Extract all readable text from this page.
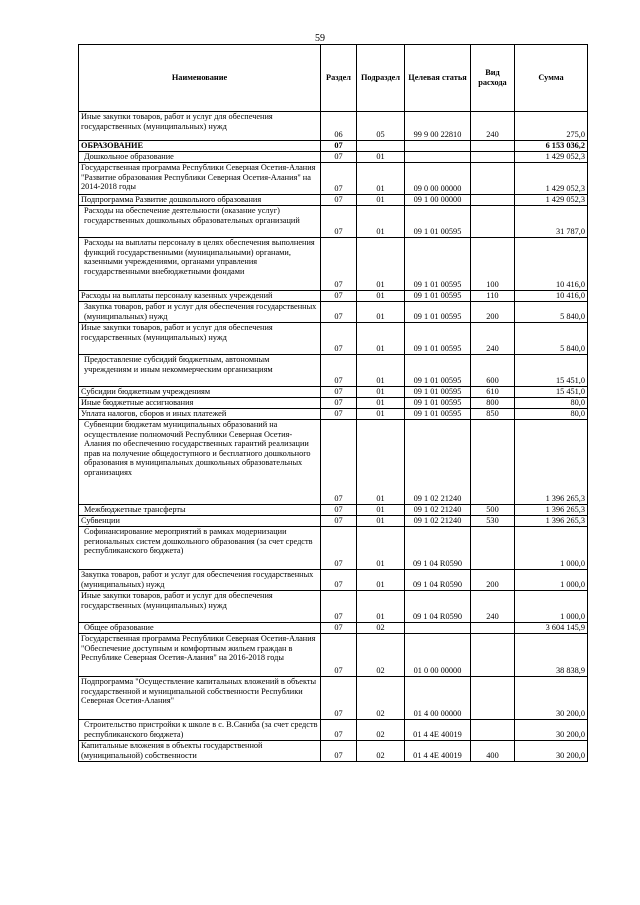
59
Наименование	Раздел	Подраздел	Целевая статья	Вид расхода	Сумма
Иные закупки товаров, работ и услуг для обеспечения государственных (муниципальных) нужд	06	05	99 9 00 22810	240	275,0
ОБРАЗОВАНИЕ	07				6 153 036,2
Дошкольное образование	07	01			1 429 052,3
Государственная программа Республики Северная Осетия-Алания "Развитие образования Республики Северная Осетия-Алания" на 2014-2018 годы	07	01	09 0 00 00000		1 429 052,3
Подпрограмма Развитие дошкольного образования	07	01	09 1 00 00000		1 429 052,3
Расходы на обеспечение деятельности (оказание услуг) государственных дошкольных образовательных организаций	07	01	09 1 01 00595		31 787,0
Расходы на выплаты персоналу в целях обеспечения выполнения функций государственными (муниципальными) органами, казенными учреждениями, органами управления государственными внебюджетными фондами	07	01	09 1 01 00595	100	10 416,0
Расходы на выплаты персоналу казенных учреждений	07	01	09 1 01 00595	110	10 416,0
Закупка товаров, работ и услуг для обеспечения государственных (муниципальных) нужд	07	01	09 1 01 00595	200	5 840,0
Иные закупки товаров, работ и услуг для обеспечения государственных (муниципальных) нужд	07	01	09 1 01 00595	240	5 840,0
Предоставление субсидий бюджетным, автономным учреждениям и иным некоммерческим организациям	07	01	09 1 01 00595	600	15 451,0
Субсидии бюджетным учреждениям	07	01	09 1 01 00595	610	15 451,0
Иные бюджетные ассигнования	07	01	09 1 01 00595	800	80,0
Уплата налогов, сборов и иных платежей	07	01	09 1 01 00595	850	80,0
Субвенции бюджетам муниципальных образований на осуществление полномочий Республики Северная Осетия-Алания по обеспечению государственных гарантий реализации прав на получение общедоступного и бесплатного дошкольного образования в муниципальных дошкольных образовательных организациях	07	01	09 1 02 21240		1 396 265,3
Межбюджетные трансферты	07	01	09 1 02 21240	500	1 396 265,3
Субвенции	07	01	09 1 02 21240	530	1 396 265,3
Софинансирование мероприятий в рамках модернизации региональных систем дошкольного образования (за счет средств республиканского бюджета)	07	01	09 1 04 R0590		1 000,0
Закупка товаров, работ и услуг для обеспечения государственных (муниципальных) нужд	07	01	09 1 04 R0590	200	1 000,0
Иные закупки товаров, работ и услуг для обеспечения государственных (муниципальных) нужд	07	01	09 1 04 R0590	240	1 000,0
Общее образование	07	02			3 604 145,9
Государственная программа Республики Северная Осетия-Алания "Обеспечение доступным и комфортным жильем граждан в Республике Северная Осетия-Алания" на 2016-2018 годы	07	02	01 0 00 00000		38 838,9
Подпрограмма "Осуществление капитальных вложений в объекты государственной и муниципальной собственности Республики Северная Осетия-Алания"	07	02	01 4 00 00000		30 200,0
Строительство пристройки к школе в с. В.Саниба (за счет средств республиканского бюджета)	07	02	01 4 4E 40019		30 200,0
Капитальные вложения в объекты государственной (муниципальной) собственности	07	02	01 4 4E 40019	400	30 200,0
